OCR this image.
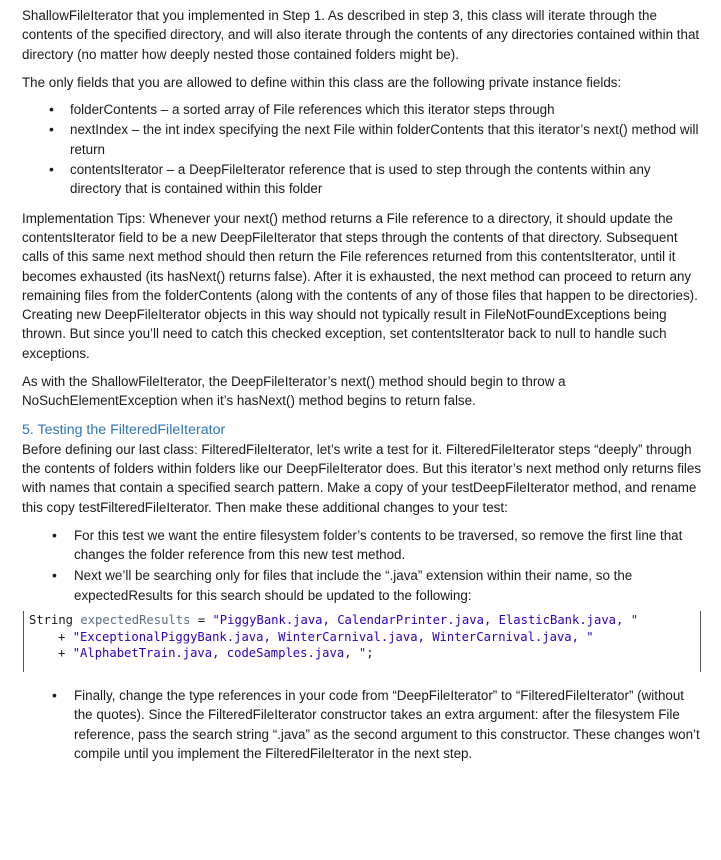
ShallowFileIterator that you implemented in Step 1. As described in step 3, this class will iterate through the contents of the specified directory, and will also iterate through the contents of any directories contained within that directory (no matter how deeply nested those contained folders might be).

The only fields that you are allowed to define within this class are the following private instance fields:

• folderContents – a sorted array of File references which this iterator steps through
• nextIndex – the int index specifying the next File within folderContents that this iterator’s next() method will return
• contentsIterator – a DeepFileIterator reference that is used to step through the contents within any directory that is contained within this folder

Implementation Tips: Whenever your next() method returns a File reference to a directory, it should update the contentsIterator field to be a new DeepFileIterator that steps through the contents of that directory. Subsequent calls of this same next method should then return the File references returned from this contentsIterator, until it becomes exhausted (its hasNext() returns false). After it is exhausted, the next method can proceed to return any remaining files from the folderContents (along with the contents of any of those files that happen to be directories). Creating new DeepFileIterator objects in this way should not typically result in FileNotFoundExceptions being thrown. But since you’ll need to catch this checked exception, set contentsIterator back to null to handle such exceptions.

As with the ShallowFileIterator, the DeepFileIterator’s next() method should begin to throw a NoSuchElementException when it’s hasNext() method begins to return false.

5. Testing the FilteredFileIterator

Before defining our last class: FilteredFileIterator, let’s write a test for it. FilteredFileIterator steps “deeply” through the contents of folders within folders like our DeepFileIterator does. But this iterator’s next method only returns files with names that contain a specified search pattern. Make a copy of your testDeepFileIterator method, and rename this copy testFilteredFileIterator. Then make these additional changes to your test:

• For this test we want the entire filesystem folder’s contents to be traversed, so remove the first line that changes the folder reference from this new test method.
• Next we’ll be searching only for files that include the “.java” extension within their name, so the expectedResults for this search should be updated to the following:
String expectedResults = "PiggyBank.java, CalendarPrinter.java, ElasticBank.java, "
+ "ExceptionalPiggyBank.java, WinterCarnival.java, WinterCarnival.java, "
+ "AlphabetTrain.java, codeSamples.java, ";
• Finally, change the type references in your code from “DeepFileIterator” to “FilteredFileIterator” (without the quotes). Since the FilteredFileIterator constructor takes an extra argument: after the filesystem File reference, pass the search string “.java” as the second argument to this constructor. These changes won’t compile until you implement the FilteredFileIterator in the next step.
